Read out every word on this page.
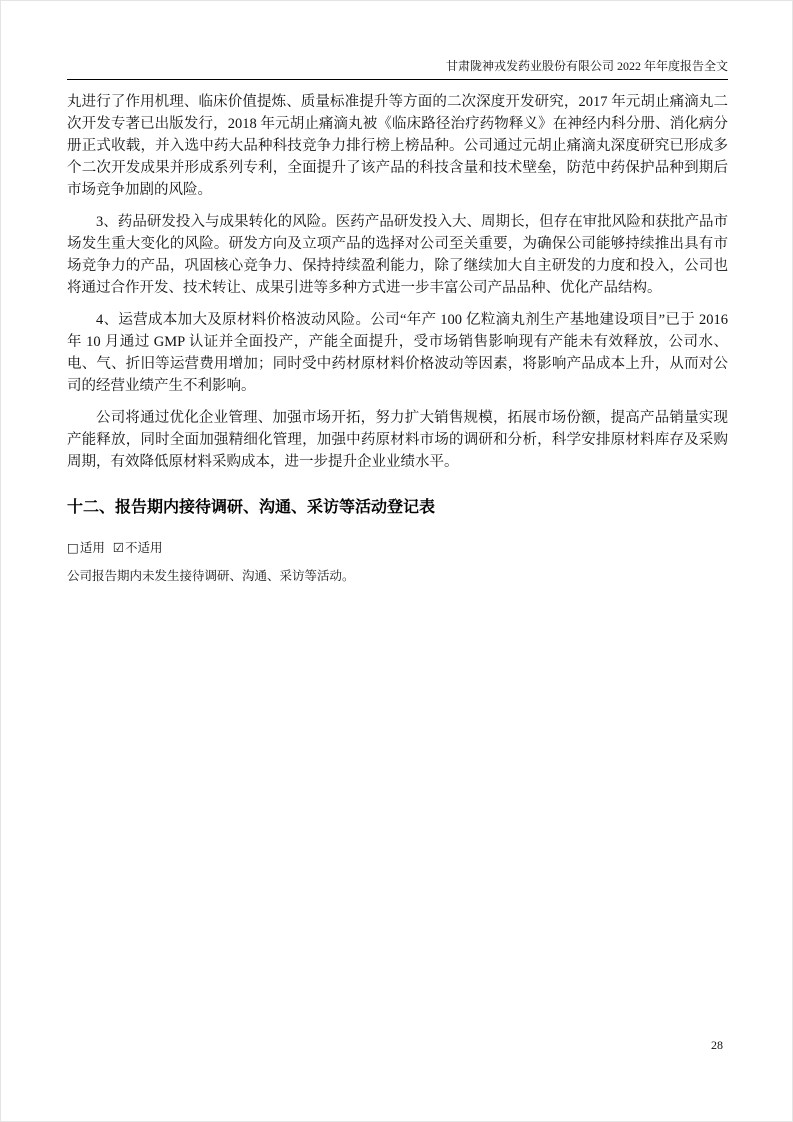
甘肃陇神戎发药业股份有限公司 2022 年年度报告全文

丸进行了作用机理、临床价值提炼、质量标准提升等方面的二次深度开发研究，2017 年元胡止痛滴丸二次开发专著已出版发行，2018 年元胡止痛滴丸被《临床路径治疗药物释义》在神经内科分册、消化病分册正式收载，并入选中药大品种科技竞争力排行榜上榜品种。公司通过元胡止痛滴丸深度研究已形成多个二次开发成果并形成系列专利，全面提升了该产品的科技含量和技术壁垒，防范中药保护品种到期后市场竞争加剧的风险。

3、药品研发投入与成果转化的风险。医药产品研发投入大、周期长，但存在审批风险和获批产品市场发生重大变化的风险。研发方向及立项产品的选择对公司至关重要，为确保公司能够持续推出具有市场竞争力的产品，巩固核心竞争力、保持持续盈利能力，除了继续加大自主研发的力度和投入，公司也将通过合作开发、技术转让、成果引进等多种方式进一步丰富公司产品品种、优化产品结构。

4、运营成本加大及原材料价格波动风险。公司“年产 100 亿粒滴丸剂生产基地建设项目”已于 2016 年 10 月通过 GMP 认证并全面投产，产能全面提升，受市场销售影响现有产能未有效释放，公司水、电、气、折旧等运营费用增加；同时受中药材原材料价格波动等因素，将影响产品成本上升，从而对公司的经营业绩产生不利影响。

公司将通过优化企业管理、加强市场开拓，努力扩大销售规模，拓展市场份额，提高产品销量实现产能释放，同时全面加强精细化管理，加强中药原材料市场的调研和分析，科学安排原材料库存及采购周期，有效降低原材料采购成本，进一步提升企业业绩水平。

十二、报告期内接待调研、沟通、采访等活动登记表
□适用 ☑不适用

公司报告期内未发生接待调研、沟通、采访等活动。

28
